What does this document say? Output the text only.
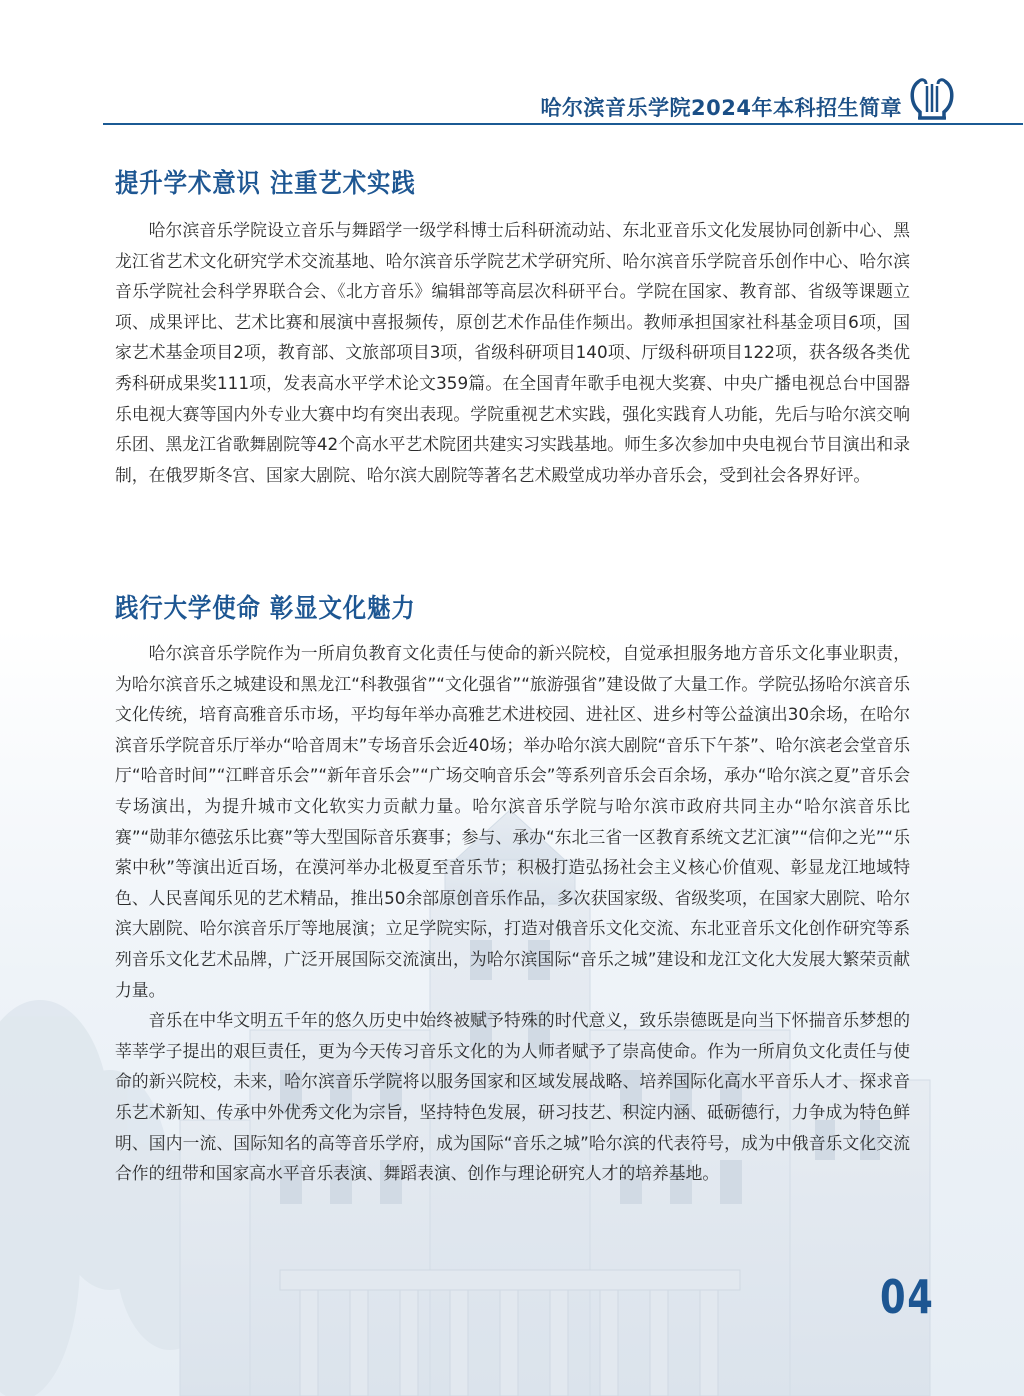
哈尔滨音乐学院2024年本科招生简章
提升学术意识 注重艺术实践

哈尔滨音乐学院设立音乐与舞蹈学一级学科博士后科研流动站、东北亚音乐文化发展协同创新中心、黑龙江省艺术文化研究学术交流基地、哈尔滨音乐学院艺术学研究所、哈尔滨音乐学院音乐创作中心、哈尔滨音乐学院社会科学界联合会、《北方音乐》编辑部等高层次科研平台。学院在国家、教育部、省级等课题立项、成果评比、艺术比赛和展演中喜报频传，原创艺术作品佳作频出。教师承担国家社科基金项目6项，国家艺术基金项目2项，教育部、文旅部项目3项，省级科研项目140项、厅级科研项目122项，获各级各类优秀科研成果奖111项，发表高水平学术论文359篇。在全国青年歌手电视大奖赛、中央广播电视总台中国器乐电视大赛等国内外专业大赛中均有突出表现。学院重视艺术实践，强化实践育人功能，先后与哈尔滨交响乐团、黑龙江省歌舞剧院等42个高水平艺术院团共建实习实践基地。师生多次参加中央电视台节目演出和录制，在俄罗斯冬宫、国家大剧院、哈尔滨大剧院等著名艺术殿堂成功举办音乐会，受到社会各界好评。

践行大学使命 彰显文化魅力

哈尔滨音乐学院作为一所肩负教育文化责任与使命的新兴院校，自觉承担服务地方音乐文化事业职责，为哈尔滨音乐之城建设和黑龙江“科教强省”“文化强省”“旅游强省”建设做了大量工作。学院弘扬哈尔滨音乐文化传统，培育高雅音乐市场，平均每年举办高雅艺术进校园、进社区、进乡村等公益演出30余场，在哈尔滨音乐学院音乐厅举办“哈音周末”专场音乐会近40场；举办哈尔滨大剧院“音乐下午茶”、哈尔滨老会堂音乐厅“哈音时间”“江畔音乐会”“新年音乐会”“广场交响音乐会”等系列音乐会百余场，承办“哈尔滨之夏”音乐会专场演出，为提升城市文化软实力贡献力量。哈尔滨音乐学院与哈尔滨市政府共同主办“哈尔滨音乐比赛”“勋菲尔德弦乐比赛”等大型国际音乐赛事；参与、承办“东北三省一区教育系统文艺汇演”“信仰之光”“乐萦中秋”等演出近百场，在漠河举办北极夏至音乐节；积极打造弘扬社会主义核心价值观、彰显龙江地域特色、人民喜闻乐见的艺术精品，推出50余部原创音乐作品，多次获国家级、省级奖项，在国家大剧院、哈尔滨大剧院、哈尔滨音乐厅等地展演；立足学院实际，打造对俄音乐文化交流、东北亚音乐文化创作研究等系列音乐文化艺术品牌，广泛开展国际交流演出，为哈尔滨国际“音乐之城”建设和龙江文化大发展大繁荣贡献力量。

音乐在中华文明五千年的悠久历史中始终被赋予特殊的时代意义，致乐崇德既是向当下怀揣音乐梦想的莘莘学子提出的艰巨责任，更为今天传习音乐文化的为人师者赋予了崇高使命。作为一所肩负文化责任与使命的新兴院校，未来，哈尔滨音乐学院将以服务国家和区域发展战略、培养国际化高水平音乐人才、探求音乐艺术新知、传承中外优秀文化为宗旨，坚持特色发展，研习技艺、积淀内涵、砥砺德行，力争成为特色鲜明、国内一流、国际知名的高等音乐学府，成为国际“音乐之城”哈尔滨的代表符号，成为中俄音乐文化交流合作的纽带和国家高水平音乐表演、舞蹈表演、创作与理论研究人才的培养基地。

04
